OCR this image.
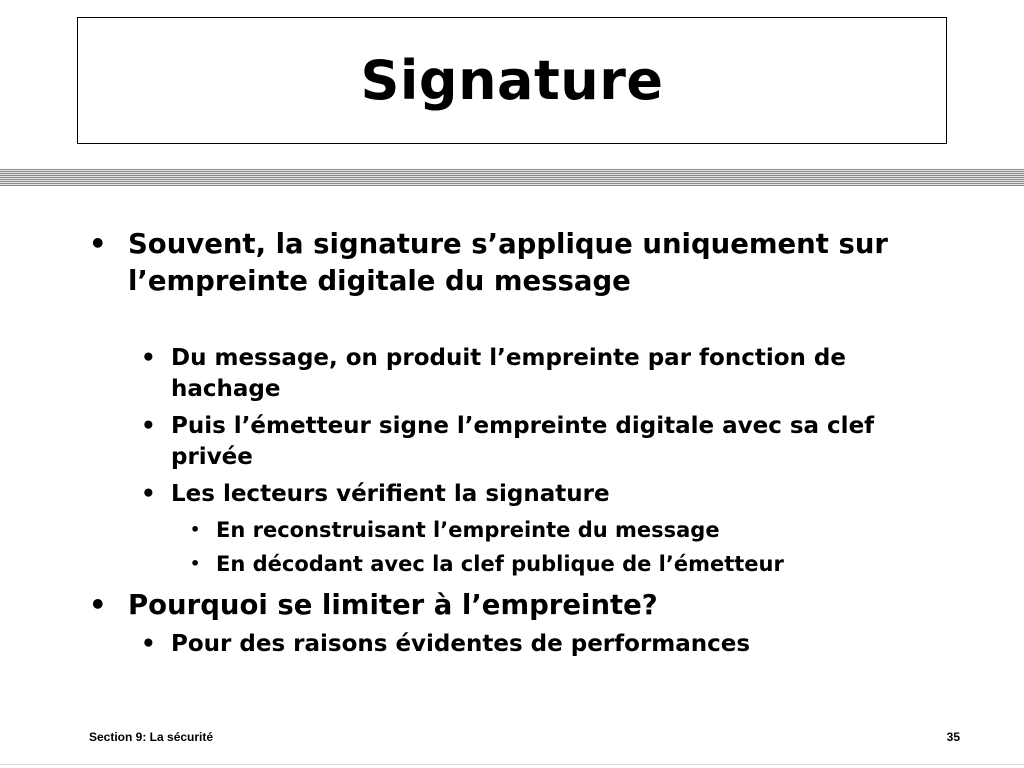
Signature
• Souvent, la signature s’applique uniquement sur l’empreinte digitale du message
• Du message, on produit l’empreinte par fonction de hachage
• Puis l’émetteur signe l’empreinte digitale avec sa clef privée
• Les lecteurs vérifient la signature
• En reconstruisant l’empreinte du message
• En décodant avec la clef publique de l’émetteur
• Pourquoi se limiter à l’empreinte?
• Pour des raisons évidentes de performances
Section 9: La sécurité	35
